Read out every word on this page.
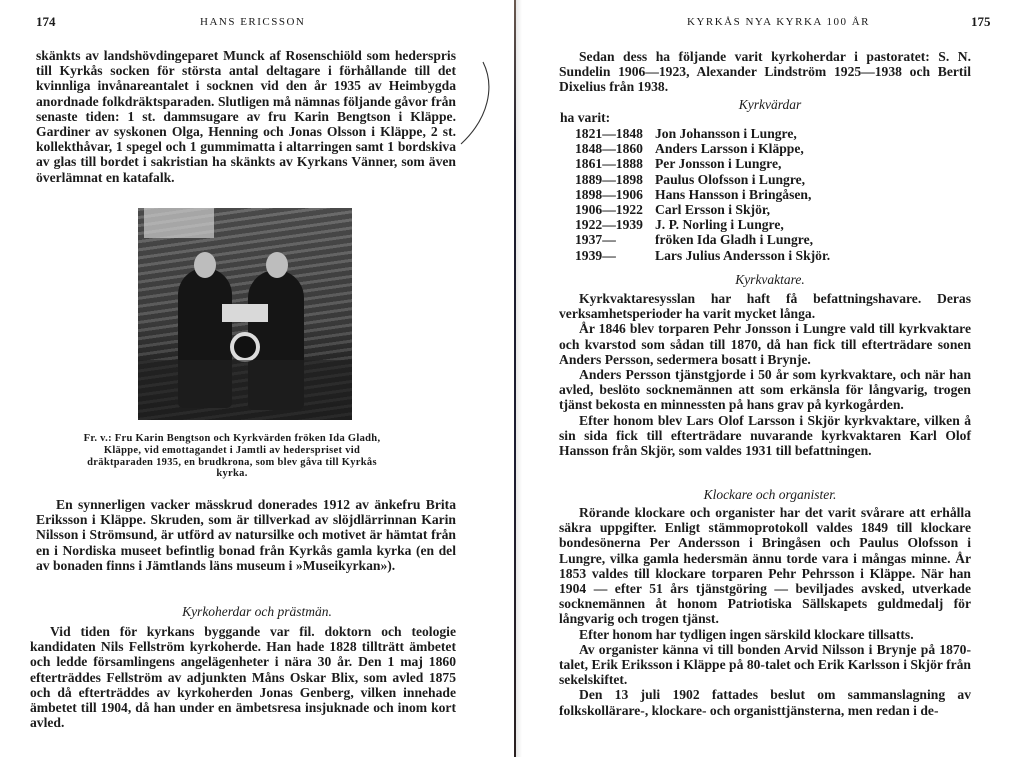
174	HANS ERICSSON

skänkts av landshövdingeparet Munck af Rosenschiöld som hederspris till Kyrkås socken för största antal deltagare i förhållande till det kvinnliga invånareantalet i socknen vid den år 1935 av Heimbygda anordnade folkdräktsparaden. Slutligen må nämnas följande gåvor från senaste tiden: 1 st. dammsugare av fru Karin Bengtson i Kläppe. Gardiner av syskonen Olga, Henning och Jonas Olsson i Kläppe, 2 st. kollekthåvar, 1 spegel och 1 gummimatta i altarringen samt 1 bordskiva av glas till bordet i sakristian ha skänkts av Kyrkans Vänner, som även överlämnat en katafalk.

Fr. v.: Fru Karin Bengtson och Kyrkvärden fröken Ida Gladh, Kläppe, vid emottagandet i Jamtli av hederspriset vid dräktparaden 1935, en brudkrona, som blev gåva till Kyrkås kyrka.

En synnerligen vacker mässkrud donerades 1912 av änkefru Brita Eriksson i Kläppe. Skruden, som är tillverkad av slöjdlärrinnan Karin Nilsson i Strömsund, är utförd av natursilke och motivet är hämtat från en i Nordiska museet befintlig bonad från Kyrkås gamla kyrka (en del av bonaden finns i Jämtlands läns museum i »Museikyrkan»).

Kyrkoherdar och prästmän.

Vid tiden för kyrkans byggande var fil. doktorn och teologie kandidaten Nils Fellström kyrkoherde. Han hade 1828 tillträtt ämbetet och ledde församlingens angelägenheter i nära 30 år. Den 1 maj 1860 efterträddes Fellström av adjunkten Måns Oskar Blix, som avled 1875 och då efterträddes av kyrkoherden Jonas Genberg, vilken innehade ämbetet till 1904, då han under en ämbetsresa insjuknade och inom kort avled.

KYRKÅS NYA KYRKA 100 ÅR	175

Sedan dess ha följande varit kyrkoherdar i pastoratet: S. N. Sundelin 1906—1923, Alexander Lindström 1925—1938 och Bertil Dixelius från 1938.

Kyrkvärdar
ha varit:
1821—1848 Jon Johansson i Lungre,
1848—1860 Anders Larsson i Kläppe,
1861—1888 Per Jonsson i Lungre,
1889—1898 Paulus Olofsson i Lungre,
1898—1906 Hans Hansson i Bringåsen,
1906—1922 Carl Ersson i Skjör,
1922—1939 J. P. Norling i Lungre,
1937—	fröken Ida Gladh i Lungre,
1939—	Lars Julius Andersson i Skjör.
Kyrkvaktare.

Kyrkvaktaresysslan har haft få befattningshavare. Deras verksamhetsperioder ha varit mycket långa.

År 1846 blev torparen Pehr Jonsson i Lungre vald till kyrkvaktare och kvarstod som sådan till 1870, då han fick till efterträdare sonen Anders Persson, sedermera bosatt i Brynje.

Anders Persson tjänstgjorde i 50 år som kyrkvaktare, och när han avled, beslöto socknemännen att som erkänsla för långvarig, trogen tjänst bekosta en minnessten på hans grav på kyrkogården.

Efter honom blev Lars Olof Larsson i Skjör kyrkvaktare, vilken å sin sida fick till efterträdare nuvarande kyrkvaktaren Karl Olof Hansson från Skjör, som valdes 1931 till befattningen.

Klockare och organister.

Rörande klockare och organister har det varit svårare att erhålla säkra uppgifter. Enligt stämmoprotokoll valdes 1849 till klockare bondesönerna Per Andersson i Bringåsen och Paulus Olofsson i Lungre, vilka gamla hedersmän ännu torde vara i mångas minne. År 1853 valdes till klockare torparen Pehr Pehrsson i Kläppe. När han 1904 — efter 51 års tjänstgöring — beviljades avsked, utverkade socknemännen åt honom Patriotiska Sällskapets guldmedalj för långvarig och trogen tjänst.

Efter honom har tydligen ingen särskild klockare tillsatts.

Av organister känna vi till bonden Arvid Nilsson i Brynje på 1870-talet, Erik Eriksson i Kläppe på 80-talet och Erik Karlsson i Skjör från sekelskiftet.

Den 13 juli 1902 fattades beslut om sammanslagning av folkskollärare-, klockare- och organisttjänsterna, men redan i de-
